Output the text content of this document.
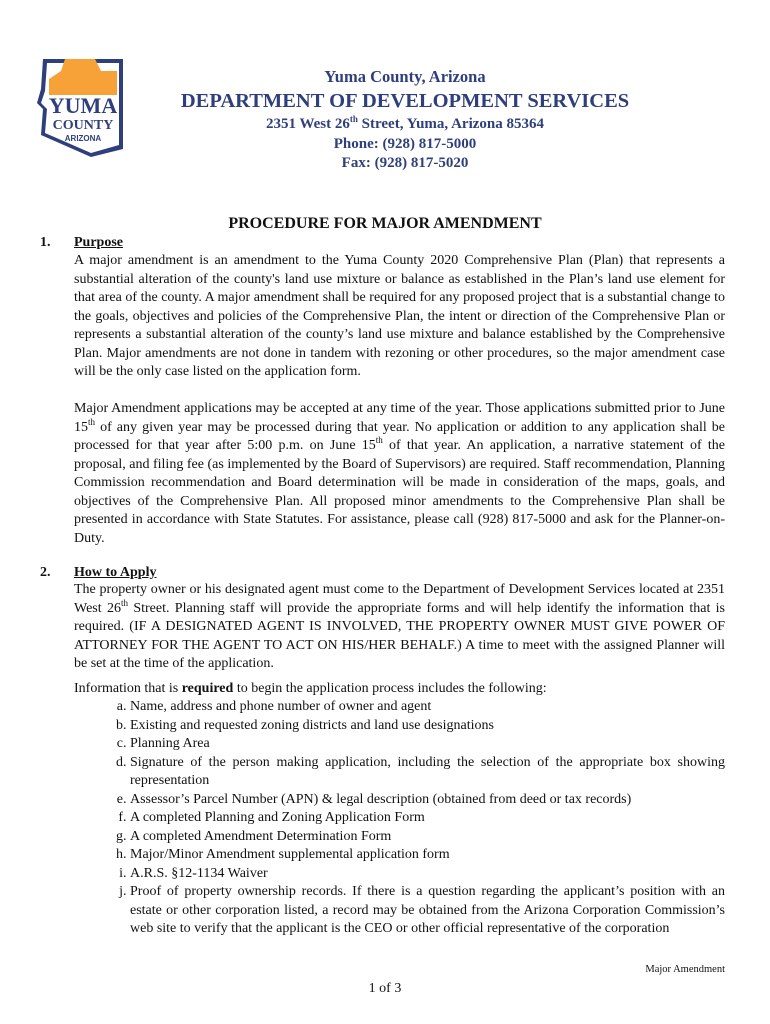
YUMA
COUNTY
ARIZONA
Yuma County, Arizona
DEPARTMENT OF DEVELOPMENT SERVICES
2351 West 26th Street, Yuma, Arizona 85364
Phone: (928) 817-5000
Fax: (928) 817-5020
PROCEDURE FOR MAJOR AMENDMENT
1. Purpose
A major amendment is an amendment to the Yuma County 2020 Comprehensive Plan (Plan) that represents a substantial alteration of the county's land use mixture or balance as established in the Plan’s land use element for that area of the county. A major amendment shall be required for any proposed project that is a substantial change to the goals, objectives and policies of the Comprehensive Plan, the intent or direction of the Comprehensive Plan or represents a substantial alteration of the county’s land use mixture and balance established by the Comprehensive Plan. Major amendments are not done in tandem with rezoning or other procedures, so the major amendment case will be the only case listed on the application form.
Major Amendment applications may be accepted at any time of the year. Those applications submitted prior to June 15th of any given year may be processed during that year. No application or addition to any application shall be processed for that year after 5:00 p.m. on June 15th of that year. An application, a narrative statement of the proposal, and filing fee (as implemented by the Board of Supervisors) are required. Staff recommendation, Planning Commission recommendation and Board determination will be made in consideration of the maps, goals, and objectives of the Comprehensive Plan. All proposed minor amendments to the Comprehensive Plan shall be presented in accordance with State Statutes. For assistance, please call (928) 817-5000 and ask for the Planner-on-Duty.
2. How to Apply
The property owner or his designated agent must come to the Department of Development Services located at 2351 West 26th Street. Planning staff will provide the appropriate forms and will help identify the information that is required. (IF A DESIGNATED AGENT IS INVOLVED, THE PROPERTY OWNER MUST GIVE POWER OF ATTORNEY FOR THE AGENT TO ACT ON HIS/HER BEHALF.) A time to meet with the assigned Planner will be set at the time of the application.
Information that is required to begin the application process includes the following:
a. Name, address and phone number of owner and agent
b. Existing and requested zoning districts and land use designations
c. Planning Area
d. Signature of the person making application, including the selection of the appropriate box showing representation
e. Assessor’s Parcel Number (APN) & legal description (obtained from deed or tax records)
f. A completed Planning and Zoning Application Form
g. A completed Amendment Determination Form
h. Major/Minor Amendment supplemental application form
i. A.R.S. §12-1134 Waiver
j. Proof of property ownership records. If there is a question regarding the applicant’s position with an estate or other corporation listed, a record may be obtained from the Arizona Corporation Commission’s web site to verify that the applicant is the CEO or other official representative of the corporation
Major Amendment
1 of 3
